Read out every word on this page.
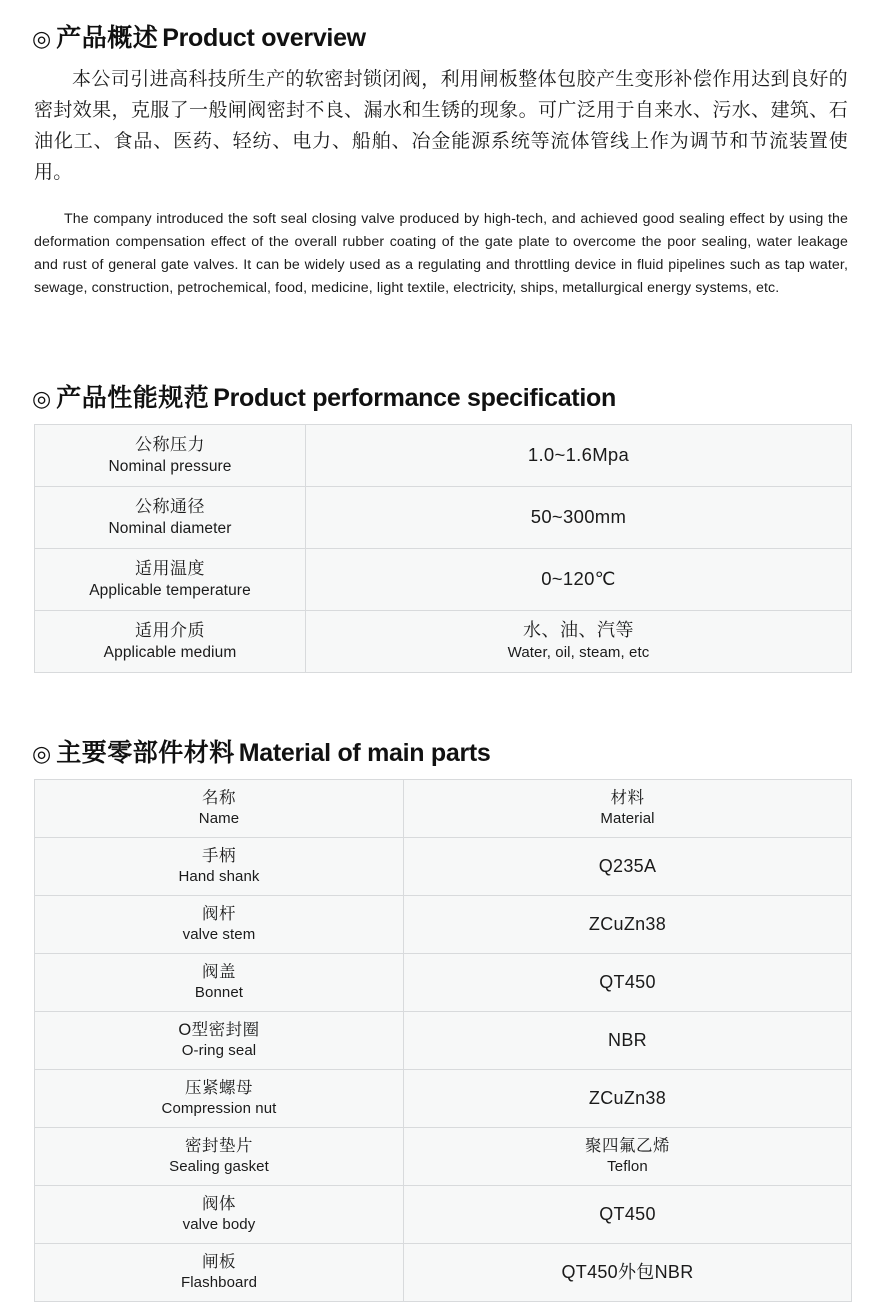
◎ 产品概述 Product overview

本公司引进高科技所生产的软密封锁闭阀，利用闸板整体包胶产生变形补偿作用达到良好的密封效果，克服了一般闸阀密封不良、漏水和生锈的现象。可广泛用于自来水、污水、建筑、石油化工、食品、医药、轻纺、电力、船舶、冶金能源系统等流体管线上作为调节和节流装置使用。

The company introduced the soft seal closing valve produced by high-tech, and achieved good sealing effect by using the deformation compensation effect of the overall rubber coating of the gate plate to overcome the poor sealing, water leakage and rust of general gate valves. It can be widely used as a regulating and throttling device in fluid pipelines such as tap water, sewage, construction, petrochemical, food, medicine, light textile, electricity, ships, metallurgical energy systems, etc.

◎ 产品性能规范 Product performance specification
公称压力
Nominal pressure	1.0~1.6Mpa

公称通径
Nominal diameter	50~300mm

适用温度
Applicable temperature	0~120℃

适用介质
Applicable medium	水、油、汽等
Water, oil, steam, etc
◎ 主要零部件材料 Material of main parts
名称
Name	材料
Material

手柄
Hand shank	Q235A

阀杆
valve stem	ZCuZn38

阀盖
Bonnet	QT450

O型密封圈
O-ring seal	NBR

压紧螺母
Compression nut	ZCuZn38

密封垫片
Sealing gasket	聚四氟乙烯
Teflon

阀体
valve body	QT450

闸板
Flashboard	QT450外包NBR
